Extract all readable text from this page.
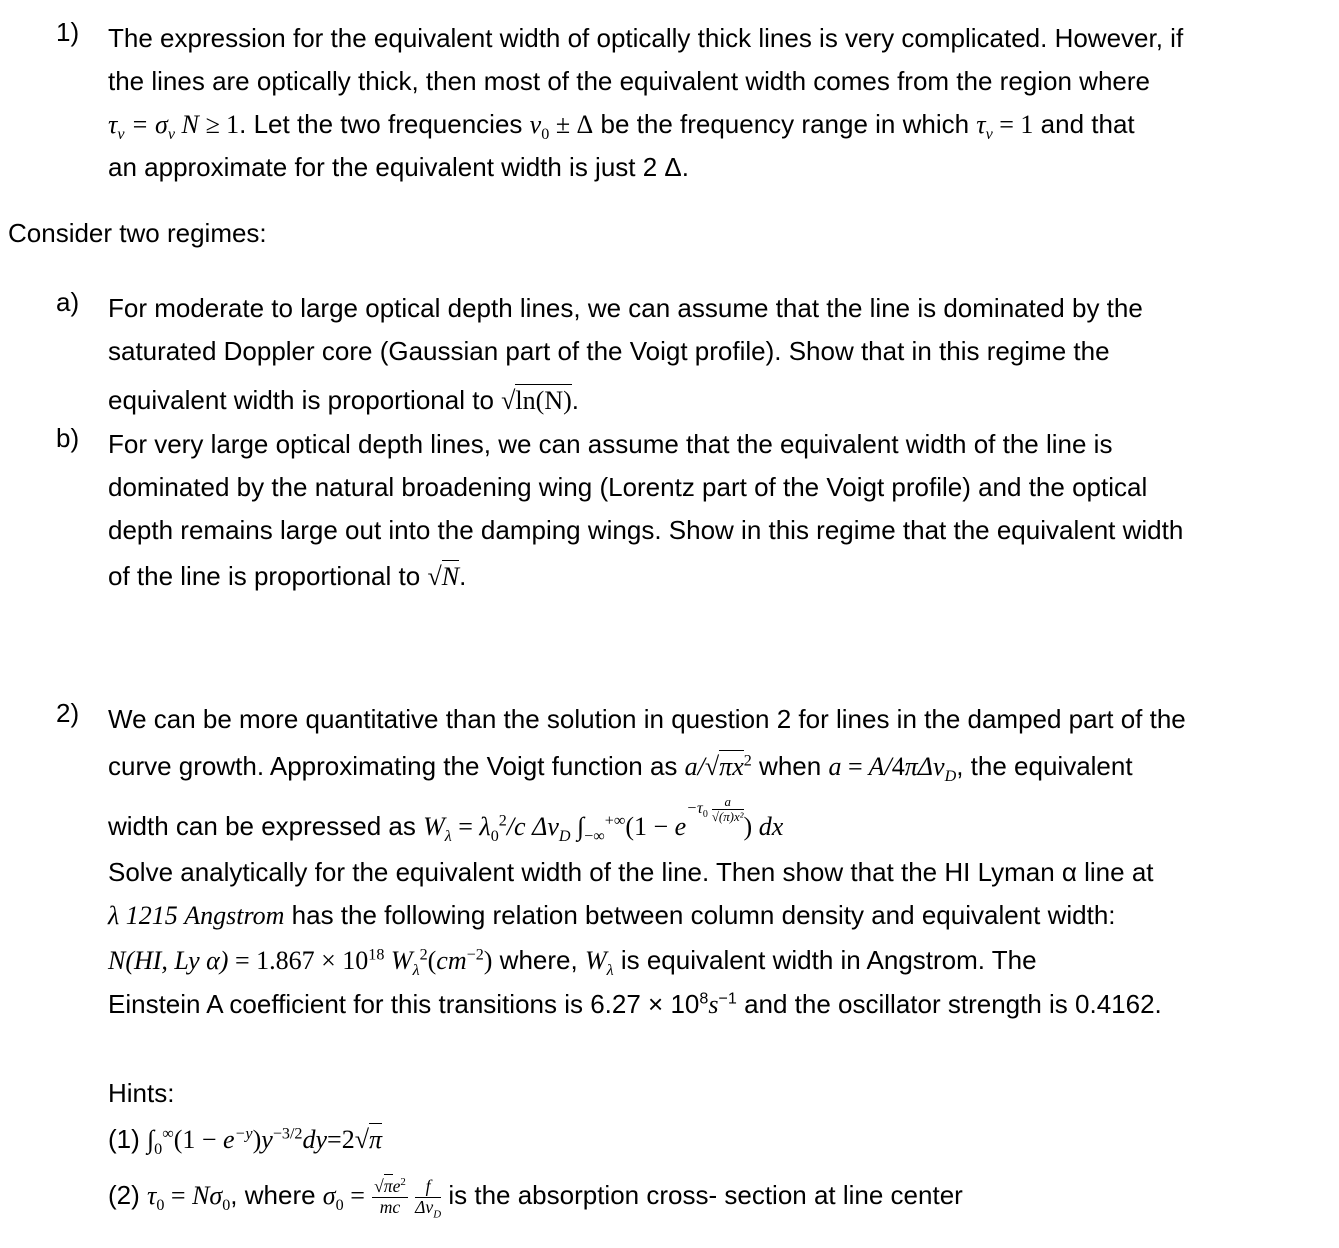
1) The expression for the equivalent width of optically thick lines is very complicated. However, if
the lines are optically thick, then most of the equivalent width comes from the region where
$\tau_\nu = \sigma_\nu$ N ≥ 1. Let the two frequencies $\nu_0 \pm \Delta$ be the frequency range in which $\tau_\nu = 1$ and that
an approximate for the equivalent width is just 2 Δ.
Consider two regimes:
a) For moderate to large optical depth lines, we can assume that the line is dominated by the
saturated Doppler core (Gaussian part of the Voigt profile). Show that in this regime the
equivalent width is proportional to √ln(N).
b) For very large optical depth lines, we can assume that the equivalent width of the line is
dominated by the natural broadening wing (Lorentz part of the Voigt profile) and the optical
depth remains large out into the damping wings. Show in this regime that the equivalent width
of the line is proportional to √N.
2) We can be more quantitative than the solution in question 2 for lines in the damped part of the
curve growth. Approximating the Voigt function as $a/√\pi x^2$ when a = A/4πΔν$_D$, the equivalent
width can be expressed as $W_\lambda = \lambda_0^2/c$ $\Delta\nu_D$ $\int_{-\infty}^{+\infty}(1 - e-\tau_0 \frac{a}{\text{√(π)x²}}$
) dx
Solve analytically for the equivalent width of the line. Then show that the HI Lyman α line at
λ 1215 Angstrom has the following relation between column density and equivalent width:
N(HI, Ly $\alpha) = 1.867 \times 10^{18}$ $W_\lambda^2(cm^{-2})$ where, $W_\lambda$ is equivalent width in Angstrom. The
Einstein A coefficient for this transitions is $6.27 \times 10^8s^{-1}$ and the oscillator strength is 0.4162.
Hints:
(1) $\int_0^\infty(1 - e^{-y})y^{-3/2}dy=2√\pi$
(2) $\tau_0 = N\sigma_0$, where $\sigma_0 = \frac{√\pi e^2}{mc}$
$\frac{f}{\Delta\nu_D}$ is the absorption cross- section at line center
